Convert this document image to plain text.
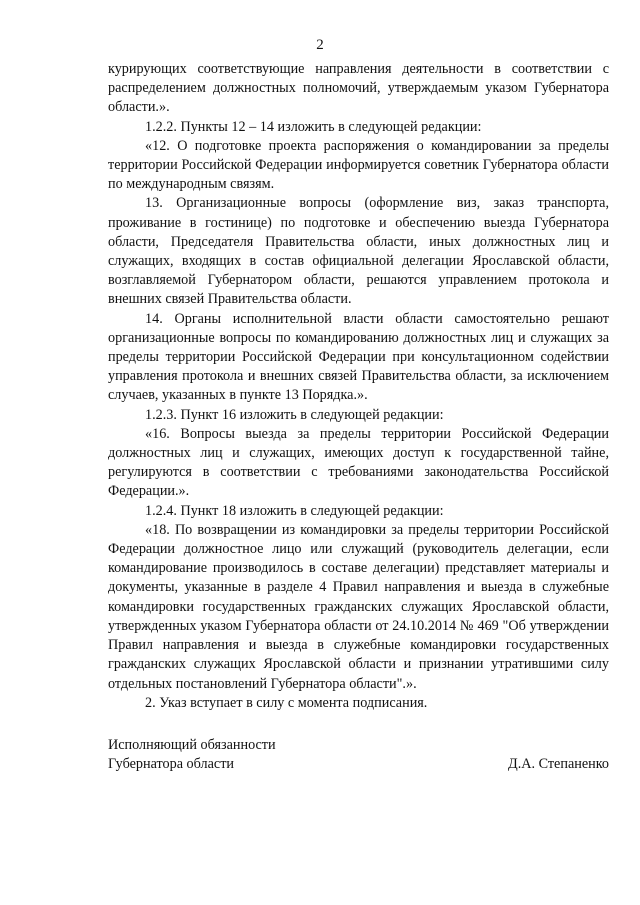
2

курирующих соответствующие направления деятельности в соответствии с распределением должностных полномочий, утверждаемым указом Губернатора области.».

1.2.2. Пункты 12 – 14 изложить в следующей редакции:

«12. О подготовке проекта распоряжения о командировании за пределы территории Российской Федерации информируется советник Губернатора области по международным связям.

13. Организационные вопросы (оформление виз, заказ транспорта, проживание в гостинице) по подготовке и обеспечению выезда Губернатора области, Председателя Правительства области, иных должностных лиц и служащих, входящих в состав официальной делегации Ярославской области, возглавляемой Губернатором области, решаются управлением протокола и внешних связей Правительства области.

14. Органы исполнительной власти области самостоятельно решают организационные вопросы по командированию должностных лиц и служащих за пределы территории Российской Федерации при консультационном содействии управления протокола и внешних связей Правительства области, за исключением случаев, указанных в пункте 13 Порядка.».

1.2.3. Пункт 16 изложить в следующей редакции:

«16. Вопросы выезда за пределы территории Российской Федерации должностных лиц и служащих, имеющих доступ к государственной тайне, регулируются в соответствии с требованиями законодательства Российской Федерации.».

1.2.4. Пункт 18 изложить в следующей редакции:

«18. По возвращении из командировки за пределы территории Российской Федерации должностное лицо или служащий (руководитель делегации, если командирование производилось в составе делегации) представляет материалы и документы, указанные в разделе 4 Правил направления и выезда в служебные командировки государственных гражданских служащих Ярославской области, утвержденных указом Губернатора области от 24.10.2014 № 469 "Об утверждении Правил направления и выезда в служебные командировки государственных гражданских служащих Ярославской области и признании утратившими силу отдельных постановлений Губернатора области".».

2. Указ вступает в силу с момента подписания.

Исполняющий обязанности
Губернатора области	Д.А. Степаненко
